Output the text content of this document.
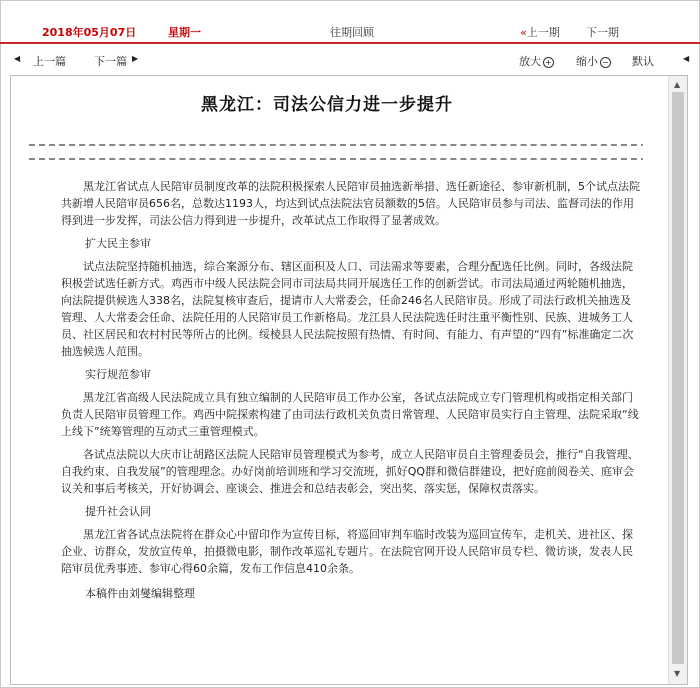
2018年05月07日	星期一	往期回顾	«上一期 下一期
◀ 上一篇	下一篇 ▶	放大 + 缩小 − 默认	◀
黑龙江：司法公信力进一步提升

黑龙江省试点人民陪审员制度改革的法院积极探索人民陪审员抽选新举措、选任新途径、参审新机制，5个试点法院共新增人民陪审员656名，总数达1193人，均达到试点法院法官员额数的5倍。人民陪审员参与司法、监督司法的作用得到进一步发挥，司法公信力得到进一步提升，改革试点工作取得了显著成效。

扩大民主参审

试点法院坚持随机抽选，综合案源分布、辖区面积及人口、司法需求等要素，合理分配选任比例。同时，各级法院积极尝试选任新方式。鸡西市中级人民法院会同市司法局共同开展选任工作的创新尝试。市司法局通过两轮随机抽选，向法院提供候选人338名，法院复核审查后，提请市人大常委会，任命246名人民陪审员。形成了司法行政机关抽选及管理、人大常委会任命、法院任用的人民陪审员工作新格局。龙江县人民法院选任时注重平衡性别、民族、进城务工人员、社区居民和农村村民等所占的比例。绥棱县人民法院按照有热情、有时间、有能力、有声望的“四有”标准确定二次抽选候选人范围。

实行规范参审

黑龙江省高级人民法院成立具有独立编制的人民陪审员工作办公室，各试点法院成立专门管理机构或指定相关部门负责人民陪审员管理工作。鸡西中院探索构建了由司法行政机关负责日常管理、人民陪审员实行自主管理、法院采取“线上线下”统筹管理的互动式三重管理模式。

各试点法院以大庆市让胡路区法院人民陪审员管理模式为参考，成立人民陪审员自主管理委员会，推行“自我管理、自我约束、自我发展”的管理理念。办好岗前培训班和学习交流班，抓好QQ群和微信群建设，把好庭前阅卷关、庭审会议关和事后考核关，开好协调会、座谈会、推进会和总结表彰会，突出奖、落实惩，保障权责落实。

提升社会认同

黑龙江省各试点法院将在群众心中留印作为宣传目标，将巡回审判车临时改装为巡回宣传车，走机关、进社区、探企业、访群众，发放宣传单，拍摄微电影，制作改革巡礼专题片。在法院官网开设人民陪审员专栏、微访谈，发表人民陪审员优秀事迹、参审心得60余篇，发布工作信息410余条。

本稿件由刘燮编辑整理

▲
▼
